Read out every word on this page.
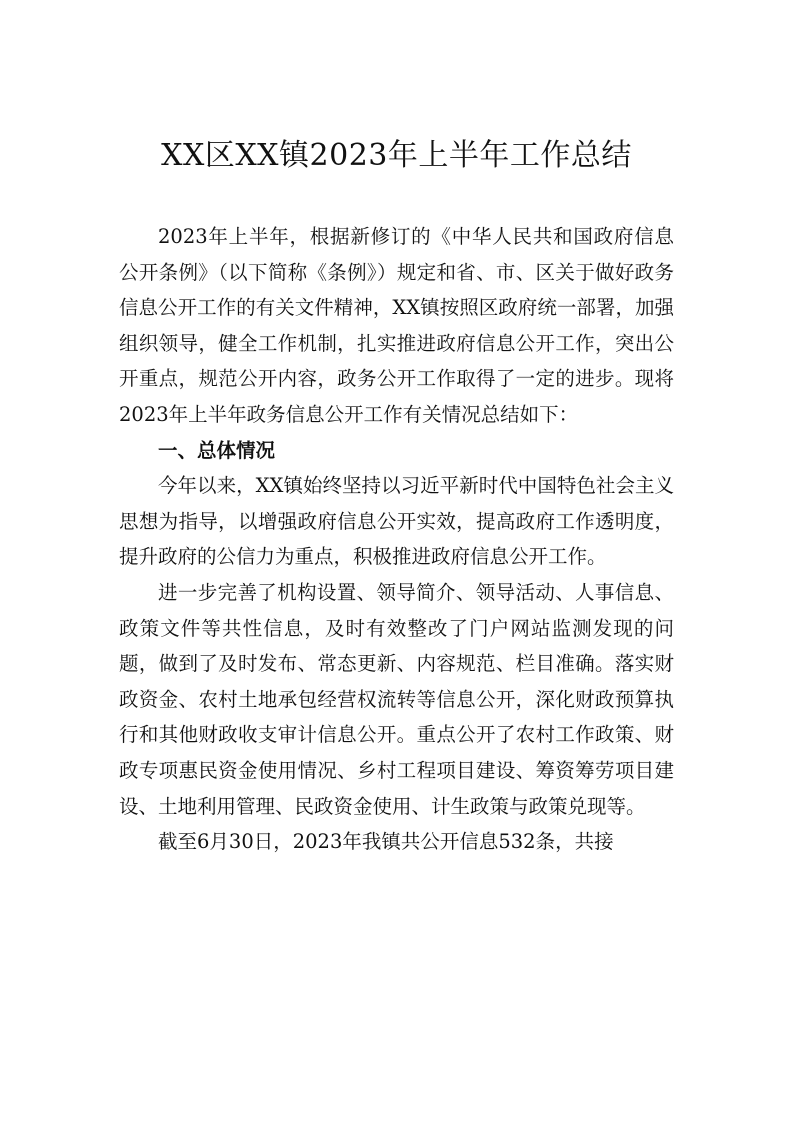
XX区XX镇2023年上半年工作总结

2023年上半年，根据新修订的《中华人民共和国政府信息公开条例》（以下简称《条例》）规定和省、市、区关于做好政务信息公开工作的有关文件精神，XX镇按照区政府统一部署，加强组织领导，健全工作机制，扎实推进政府信息公开工作，突出公开重点，规范公开内容，政务公开工作取得了一定的进步。现将2023年上半年政务信息公开工作有关情况总结如下：

一、总体情况

今年以来，XX镇始终坚持以习近平新时代中国特色社会主义思想为指导，以增强政府信息公开实效，提高政府工作透明度，提升政府的公信力为重点，积极推进政府信息公开工作。

进一步完善了机构设置、领导简介、领导活动、人事信息、政策文件等共性信息，及时有效整改了门户网站监测发现的问题，做到了及时发布、常态更新、内容规范、栏目准确。落实财政资金、农村土地承包经营权流转等信息公开，深化财政预算执行和其他财政收支审计信息公开。重点公开了农村工作政策、财政专项惠民资金使用情况、乡村工程项目建设、筹资筹劳项目建设、土地利用管理、民政资金使用、计生政策与政策兑现等。

截至6月30日，2023年我镇共公开信息532条，共接
